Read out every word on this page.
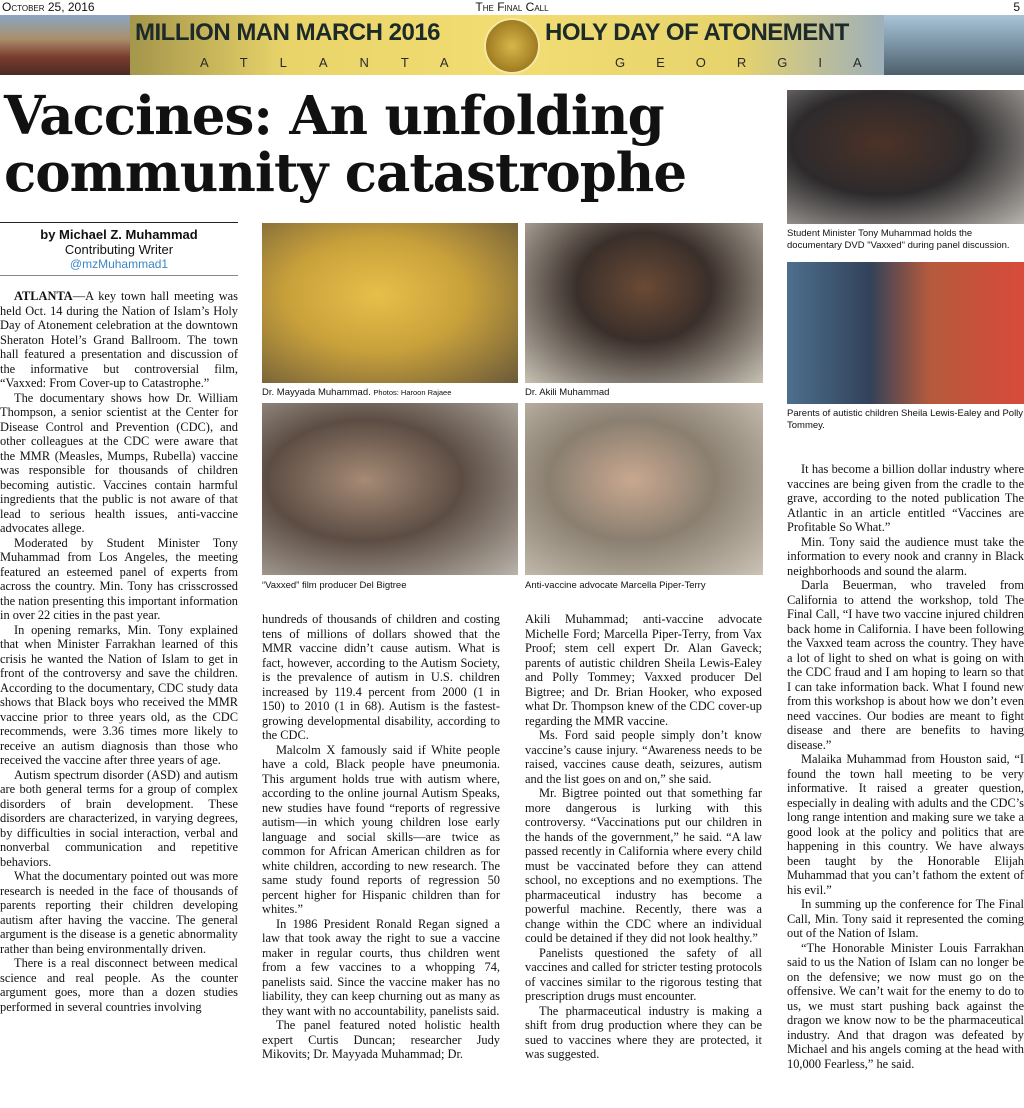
October 25, 2016	The Final Call	5
MILLION MAN MARCH 2016	HOLY DAY OF ATONEMENT
ATLANTA	GEORGIA
Vaccines: An unfolding community catastrophe
by Michael Z. Muhammad
Contributing Writer
@mzMuhammad1

Dr. Mayyada Muhammad. Photos: Haroon Rajaee	Dr. Akili Muhammad

“Vaxxed” film producer Del Bigtree	Anti-vaccine advocate Marcella Piper-Terry

Student Minister Tony Muhammad holds the documentary DVD "Vaxxed" during panel discussion.

Parents of autistic children Sheila Lewis-Ealey and Polly Tommey.

ATLANTA—A key town hall meeting was held Oct. 14 during the Nation of Islam’s Holy Day of Atonement celebration at the downtown Sheraton Hotel’s Grand Ballroom. The town hall featured a presentation and discussion of the informative but controversial film, “Vaxxed: From Cover-up to Catastrophe.”

The documentary shows how Dr. William Thompson, a senior scientist at the Center for Disease Control and Prevention (CDC), and other colleagues at the CDC were aware that the MMR (Measles, Mumps, Rubella) vaccine was responsible for thousands of children becoming autistic. Vaccines contain harmful ingredients that the public is not aware of that lead to serious health issues, anti-vaccine advocates allege.

Moderated by Student Minister Tony Muhammad from Los Angeles, the meeting featured an esteemed panel of experts from across the country. Min. Tony has crisscrossed the nation presenting this important information in over 22 cities in the past year.

In opening remarks, Min. Tony explained that when Minister Farrakhan learned of this crisis he wanted the Nation of Islam to get in front of the controversy and save the children. According to the documentary, CDC study data shows that Black boys who received the MMR vaccine prior to three years old, as the CDC recommends, were 3.36 times more likely to receive an autism diagnosis than those who received the vaccine after three years of age.

Autism spectrum disorder (ASD) and autism are both general terms for a group of complex disorders of brain development. These disorders are characterized, in varying degrees, by difficulties in social interaction, verbal and nonverbal communication and repetitive behaviors.

What the documentary pointed out was more research is needed in the face of thousands of parents reporting their children developing autism after having the vaccine. The general argument is the disease is a genetic abnormality rather than being environmentally driven.

There is a real disconnect between medical science and real people. As the counter argument goes, more than a dozen studies performed in several countries involving

hundreds of thousands of children and costing tens of millions of dollars showed that the MMR vaccine didn’t cause autism. What is fact, however, according to the Autism Society, is the prevalence of autism in U.S. children increased by 119.4 percent from 2000 (1 in 150) to 2010 (1 in 68). Autism is the fastest-growing developmental disability, according to the CDC.

Malcolm X famously said if White people have a cold, Black people have pneumonia. This argument holds true with autism where, according to the online journal Autism Speaks, new studies have found “reports of regressive autism—in which young children lose early language and social skills—are twice as common for African American children as for white children, according to new research. The same study found reports of regression 50 percent higher for Hispanic children than for whites.”

In 1986 President Ronald Regan signed a law that took away the right to sue a vaccine maker in regular courts, thus children went from a few vaccines to a whopping 74, panelists said. Since the vaccine maker has no liability, they can keep churning out as many as they want with no accountability, panelists said.

The panel featured noted holistic health expert Curtis Duncan; researcher Judy Mikovits; Dr. Mayyada Muhammad; Dr.

Akili Muhammad; anti-vaccine advocate Michelle Ford; Marcella Piper-Terry, from Vax Proof; stem cell expert Dr. Alan Gaveck; parents of autistic children Sheila Lewis-Ealey and Polly Tommey; Vaxxed producer Del Bigtree; and Dr. Brian Hooker, who exposed what Dr. Thompson knew of the CDC cover-up regarding the MMR vaccine.

Ms. Ford said people simply don’t know vaccine’s cause injury. “Awareness needs to be raised, vaccines cause death, seizures, autism and the list goes on and on,” she said.

Mr. Bigtree pointed out that something far more dangerous is lurking with this controversy. “Vaccinations put our children in the hands of the government,” he said. “A law passed recently in California where every child must be vaccinated before they can attend school, no exceptions and no exemptions. The pharmaceutical industry has become a powerful machine. Recently, there was a change within the CDC where an individual could be detained if they did not look healthy.”

Panelists questioned the safety of all vaccines and called for stricter testing protocols of vaccines similar to the rigorous testing that prescription drugs must encounter.

The pharmaceutical industry is making a shift from drug production where they can be sued to vaccines where they are protected, it was suggested.

It has become a billion dollar industry where vaccines are being given from the cradle to the grave, according to the noted publication The Atlantic in an article entitled “Vaccines are Profitable So What.”

Min. Tony said the audience must take the information to every nook and cranny in Black neighborhoods and sound the alarm.

Darla Beuerman, who traveled from California to attend the workshop, told The Final Call, “I have two vaccine injured children back home in California. I have been following the Vaxxed team across the country. They have a lot of light to shed on what is going on with the CDC fraud and I am hoping to learn so that I can take information back. What I found new from this workshop is about how we don’t even need vaccines. Our bodies are meant to fight disease and there are benefits to having disease.”

Malaika Muhammad from Houston said, “I found the town hall meeting to be very informative. It raised a greater question, especially in dealing with adults and the CDC’s long range intention and making sure we take a good look at the policy and politics that are happening in this country. We have always been taught by the Honorable Elijah Muhammad that you can’t fathom the extent of his evil.”

In summing up the conference for The Final Call, Min. Tony said it represented the coming out of the Nation of Islam.

“The Honorable Minister Louis Farrakhan said to us the Nation of Islam can no longer be on the defensive; we now must go on the offensive. We can’t wait for the enemy to do to us, we must start pushing back against the dragon we know now to be the pharmaceutical industry. And that dragon was defeated by Michael and his angels coming at the head with 10,000 Fearless,” he said.
